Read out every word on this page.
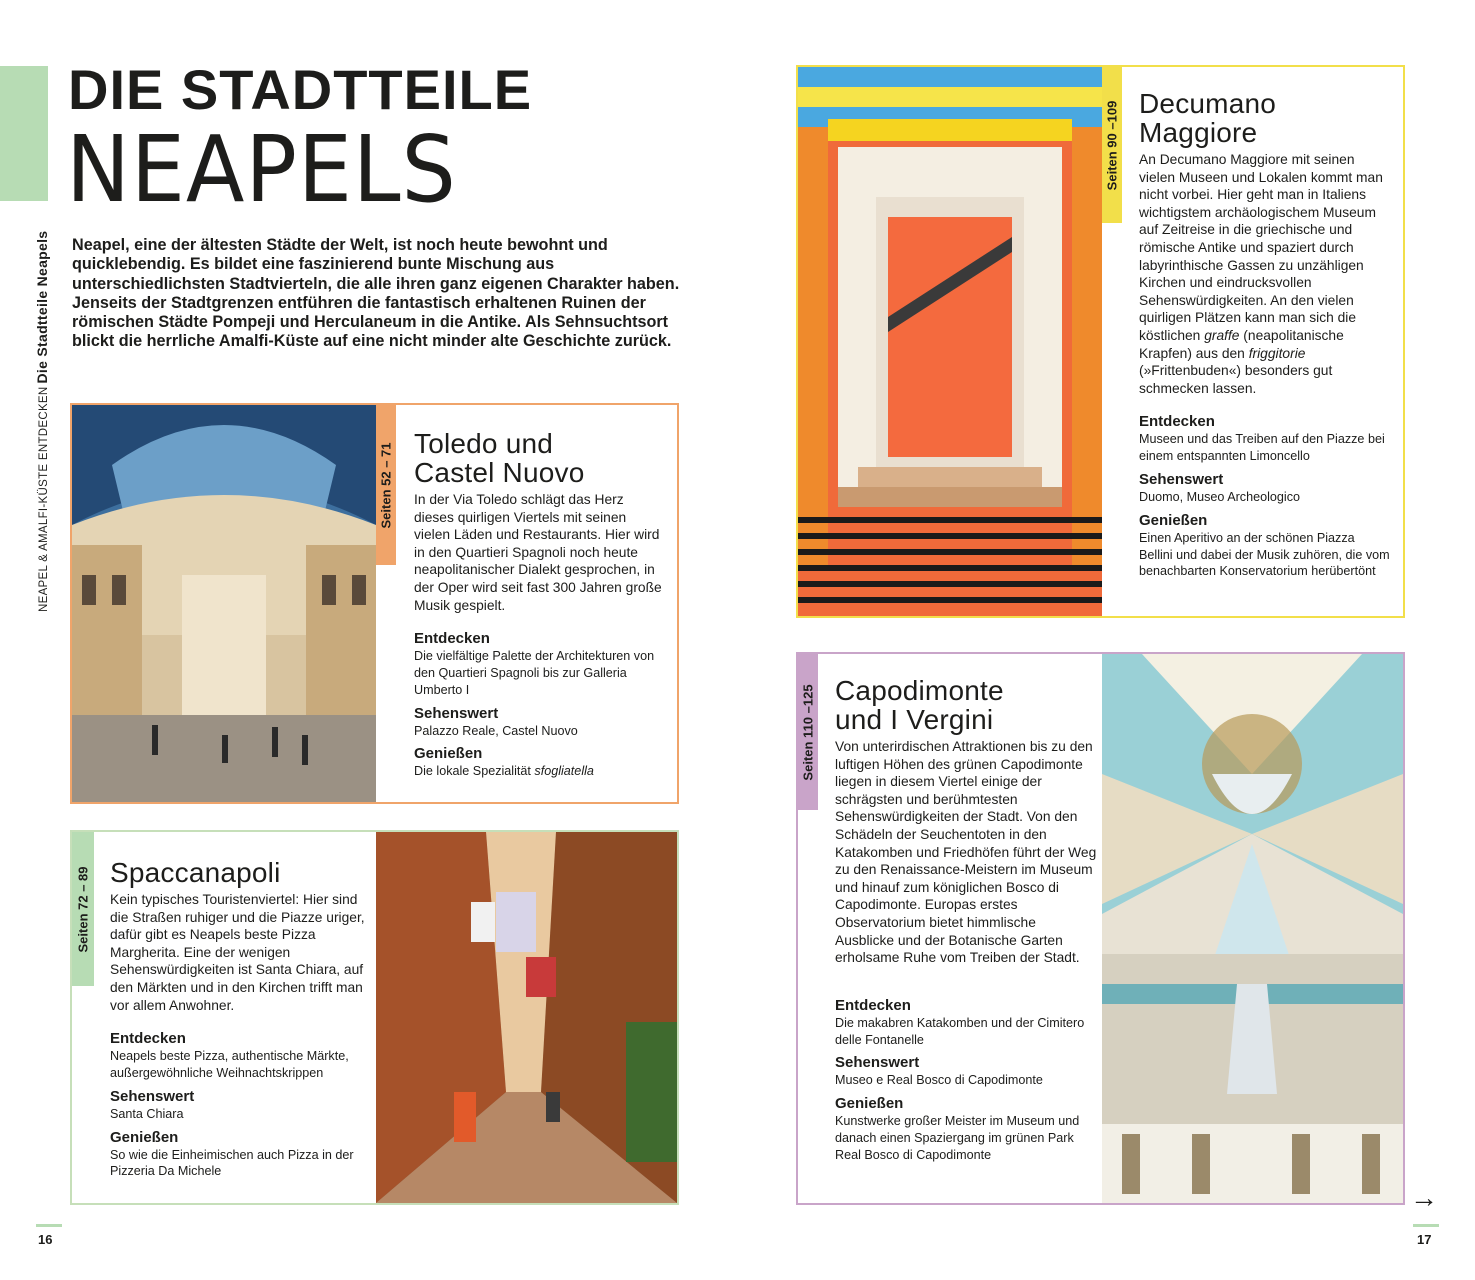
NEAPEL & AMALFI-KÜSTE ENTDECKENDie Stadtteile Neapels
DIE STADTTEILE
NEAPELS

Neapel, eine der ältesten Städte der Welt, ist noch heute bewohnt und quicklebendig. Es bildet eine faszinierend bunte Mischung aus unterschiedlichsten Stadtvierteln, die alle ihren ganz eigenen Charakter haben. Jenseits der Stadtgrenzen entführen die fantastisch erhaltenen Ruinen der römischen Städte Pompeji und Herculaneum in die Antike. Als Sehnsuchtsort blickt die herrliche Amalfi-Küste auf eine nicht minder alte Geschichte zurück.

Seiten 52 – 71 Toledo und
Castel Nuovo

In der Via Toledo schlägt das Herz dieses quirligen Viertels mit seinen vielen Läden und Restaurants. Hier wird in den Quartieri Spagnoli noch heute neapolitanischer Dialekt gesprochen, in der Oper wird seit fast 300 Jahren große Musik gespielt.

Entdecken
Die vielfältige Palette der Architekturen von den Quartieri Spagnoli bis zur Galleria Umberto I
Sehenswert
Palazzo Reale, Castel Nuovo
Genießen
Die lokale Spezialität sfogliatella
Seiten 72 – 89 Spaccanapoli

Kein typisches Touristenviertel: Hier sind die Straßen ruhiger und die Piazze uriger, dafür gibt es Neapels beste Pizza Margherita. Eine der wenigen Sehenswürdigkeiten ist Santa Chiara, auf den Märkten und in den Kirchen trifft man vor allem Anwohner.

Entdecken
Neapels beste Pizza, authentische Märkte, außergewöhnliche Weihnachtskrippen
Sehenswert
Santa Chiara
Genießen
So wie die Einheimischen auch Pizza in der Pizzeria Da Michele
Seiten 90 –109 Decumano
Maggiore

An Decumano Maggiore mit seinen vielen Museen und Lokalen kommt man nicht vorbei. Hier geht man in Italiens wichtigstem archäologischem Museum auf Zeitreise in die griechische und römische Antike und spaziert durch labyrinthische Gassen zu unzähligen Kirchen und eindrucksvollen Sehenswürdigkeiten. An den vielen quirligen Plätzen kann man sich die köstlichen graffe (neapolitanische Krapfen) aus den friggitorie (»Frittenbuden«) besonders gut schmecken lassen.

Entdecken
Museen und das Treiben auf den Piazze bei einem entspannten Limoncello
Sehenswert
Duomo, Museo Archeologico
Genießen
Einen Aperitivo an der schönen Piazza Bellini und dabei der Musik zuhören, die vom benachbarten Konservatorium herübertönt
Seiten 110 –125 Capodimonte
und I Vergini

Von unterirdischen Attraktionen bis zu den luftigen Höhen des grünen Capodimonte liegen in diesem Viertel einige der schrägsten und berühmtesten Sehenswürdigkeiten der Stadt. Von den Schädeln der Seuchentoten in den Katakomben und Friedhöfen führt der Weg zu den Renaissance-Meistern im Museum und hinauf zum königlichen Bosco di Capodimonte. Europas erstes Observatorium bietet himmlische Ausblicke und der Botanische Garten erholsame Ruhe vom Treiben der Stadt.

Entdecken
Die makabren Katakomben und der Cimitero delle Fontanelle
Sehenswert
Museo e Real Bosco di Capodimonte
Genießen
Kunstwerke großer Meister im Museum und danach einen Spaziergang im grünen Park Real Bosco di Capodimonte
16	17
→
